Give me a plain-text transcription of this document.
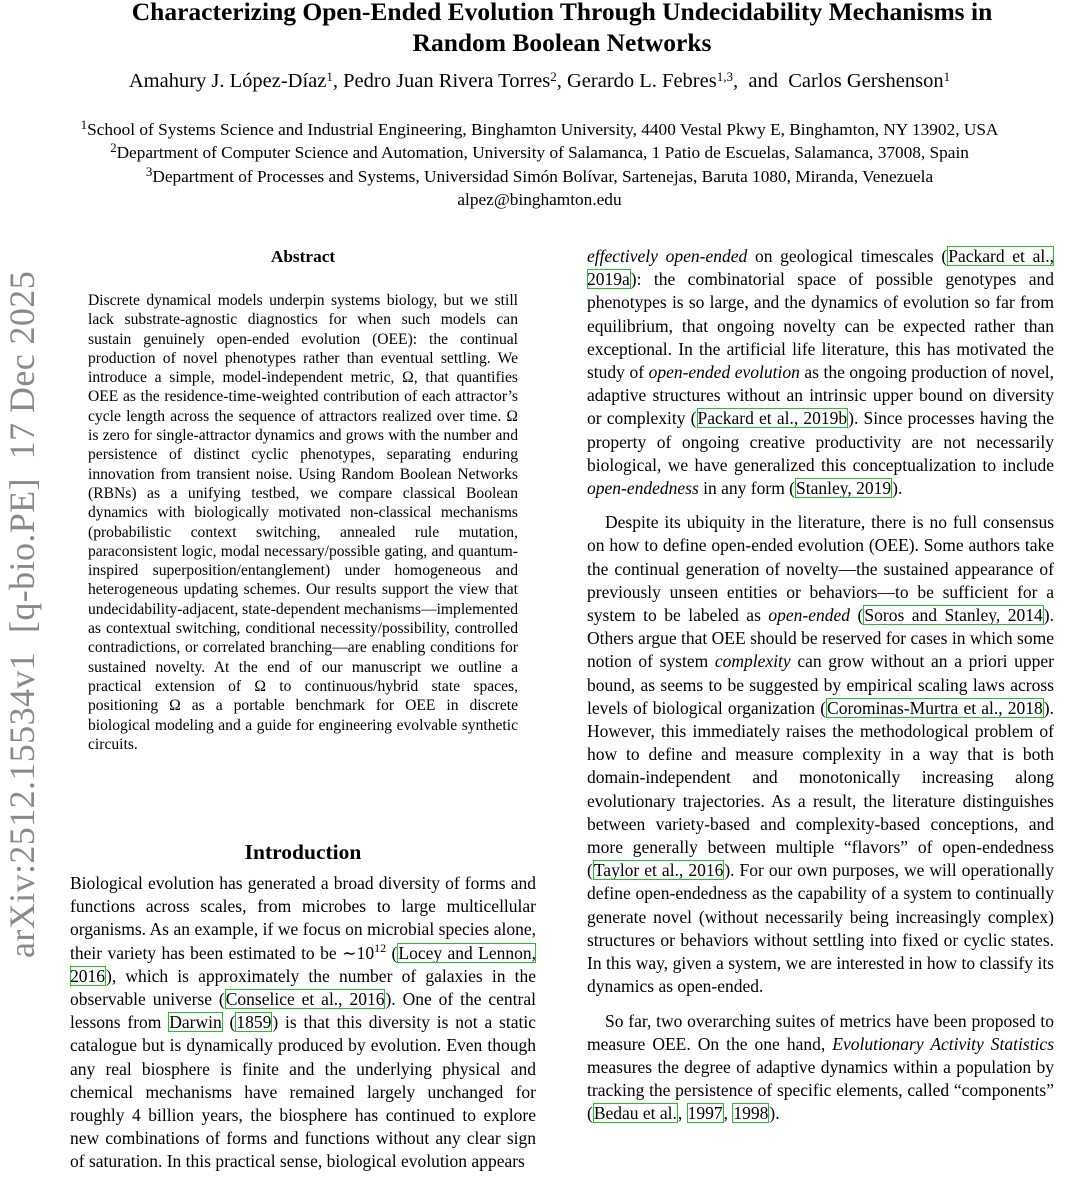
Characterizing Open-Ended Evolution Through Undecidability Mechanisms in
Random Boolean Networks
Amahury J. López-Díaz$^1$, Pedro Juan Rivera Torres$^2$, Gerardo L. Febres$^{1,3}$,  and  Carlos Gershenson$^1$
$^1$School of Systems Science and Industrial Engineering, Binghamton University, 4400 Vestal Pkwy E, Binghamton, NY 13902, USA
$^2$Department of Computer Science and Automation, University of Salamanca, 1 Patio de Escuelas, Salamanca, 37008, Spain
$^3$Department of Processes and Systems, Universidad Simón Bolívar, Sartenejas, Baruta 1080, Miranda, Venezuela
alpez@binghamton.edu
arXiv:2512.15534v1  [q-bio.PE]  17 Dec 2025
Abstract
Discrete dynamical models underpin systems biology, but we still lack substrate-agnostic diagnostics for when such models can sustain genuinely open-ended evolution (OEE): the continual production of novel phenotypes rather than eventual settling. We introduce a simple, model-independent metric, Ω, that quantifies OEE as the residence-time-weighted contribution of each attractor’s cycle length across the sequence of attractors realized over time. Ω is zero for single-attractor dynamics and grows with the number and persistence of distinct cyclic phenotypes, separating enduring innovation from transient noise. Using Random Boolean Networks (RBNs) as a unifying testbed, we compare classical Boolean dynamics with biologically motivated non-classical mechanisms (probabilistic context switching, annealed rule mutation, paraconsistent logic, modal necessary/possible gating, and quantum-inspired superposition/entanglement) under homogeneous and heterogeneous updating schemes. Our results support the view that undecidability-adjacent, state-dependent mechanisms—implemented as contextual switching, conditional necessity/possibility, controlled contradictions, or correlated branching—are enabling conditions for sustained novelty. At the end of our manuscript we outline a practical extension of Ω to continuous/hybrid state spaces, positioning Ω as a portable benchmark for OEE in discrete biological modeling and a guide for engineering evolvable synthetic circuits.
Introduction
Biological evolution has generated a broad diversity of forms and functions across scales, from microbes to large multicellular organisms. As an example, if we focus on microbial species alone, their variety has been estimated to be $\sim 10^{12}$ (Locey and Lennon, 2016), which is approximately the number of galaxies in the observable universe (Conselice et al., 2016). One of the central lessons from Darwin (1859) is that this diversity is not a static catalogue but is dynamically produced by evolution. Even though any real biosphere is finite and the underlying physical and chemical mechanisms have remained largely unchanged for roughly 4 billion years, the biosphere has continued to explore new combinations of forms and functions without any clear sign of saturation. In this practical sense, biological evolution appears

effectively open-ended on geological timescales (Packard et al., 2019a): the combinatorial space of possible genotypes and phenotypes is so large, and the dynamics of evolution so far from equilibrium, that ongoing novelty can be expected rather than exceptional. In the artificial life literature, this has motivated the study of open-ended evolution as the ongoing production of novel, adaptive structures without an intrinsic upper bound on diversity or complexity (Packard et al., 2019b). Since processes having the property of ongoing creative productivity are not necessarily biological, we have generalized this conceptualization to include open-endedness in any form (Stanley, 2019).

Despite its ubiquity in the literature, there is no full consensus on how to define open-ended evolution (OEE). Some authors take the continual generation of novelty—the sustained appearance of previously unseen entities or behaviors—to be sufficient for a system to be labeled as open-ended (Soros and Stanley, 2014). Others argue that OEE should be reserved for cases in which some notion of system complexity can grow without an a priori upper bound, as seems to be suggested by empirical scaling laws across levels of biological organization (Corominas-Murtra et al., 2018). However, this immediately raises the methodological problem of how to define and measure complexity in a way that is both domain-independent and monotonically increasing along evolutionary trajectories. As a result, the literature distinguishes between variety-based and complexity-based conceptions, and more generally between multiple “flavors” of open-endedness (Taylor et al., 2016). For our own purposes, we will operationally define open-endedness as the capability of a system to continually generate novel (without necessarily being increasingly complex) structures or behaviors without settling into fixed or cyclic states. In this way, given a system, we are interested in how to classify its dynamics as open-ended.

So far, two overarching suites of metrics have been proposed to measure OEE. On the one hand, Evolutionary Activity Statistics measures the degree of adaptive dynamics within a population by tracking the persistence of specific elements, called “components” (Bedau et al., 1997, 1998).
